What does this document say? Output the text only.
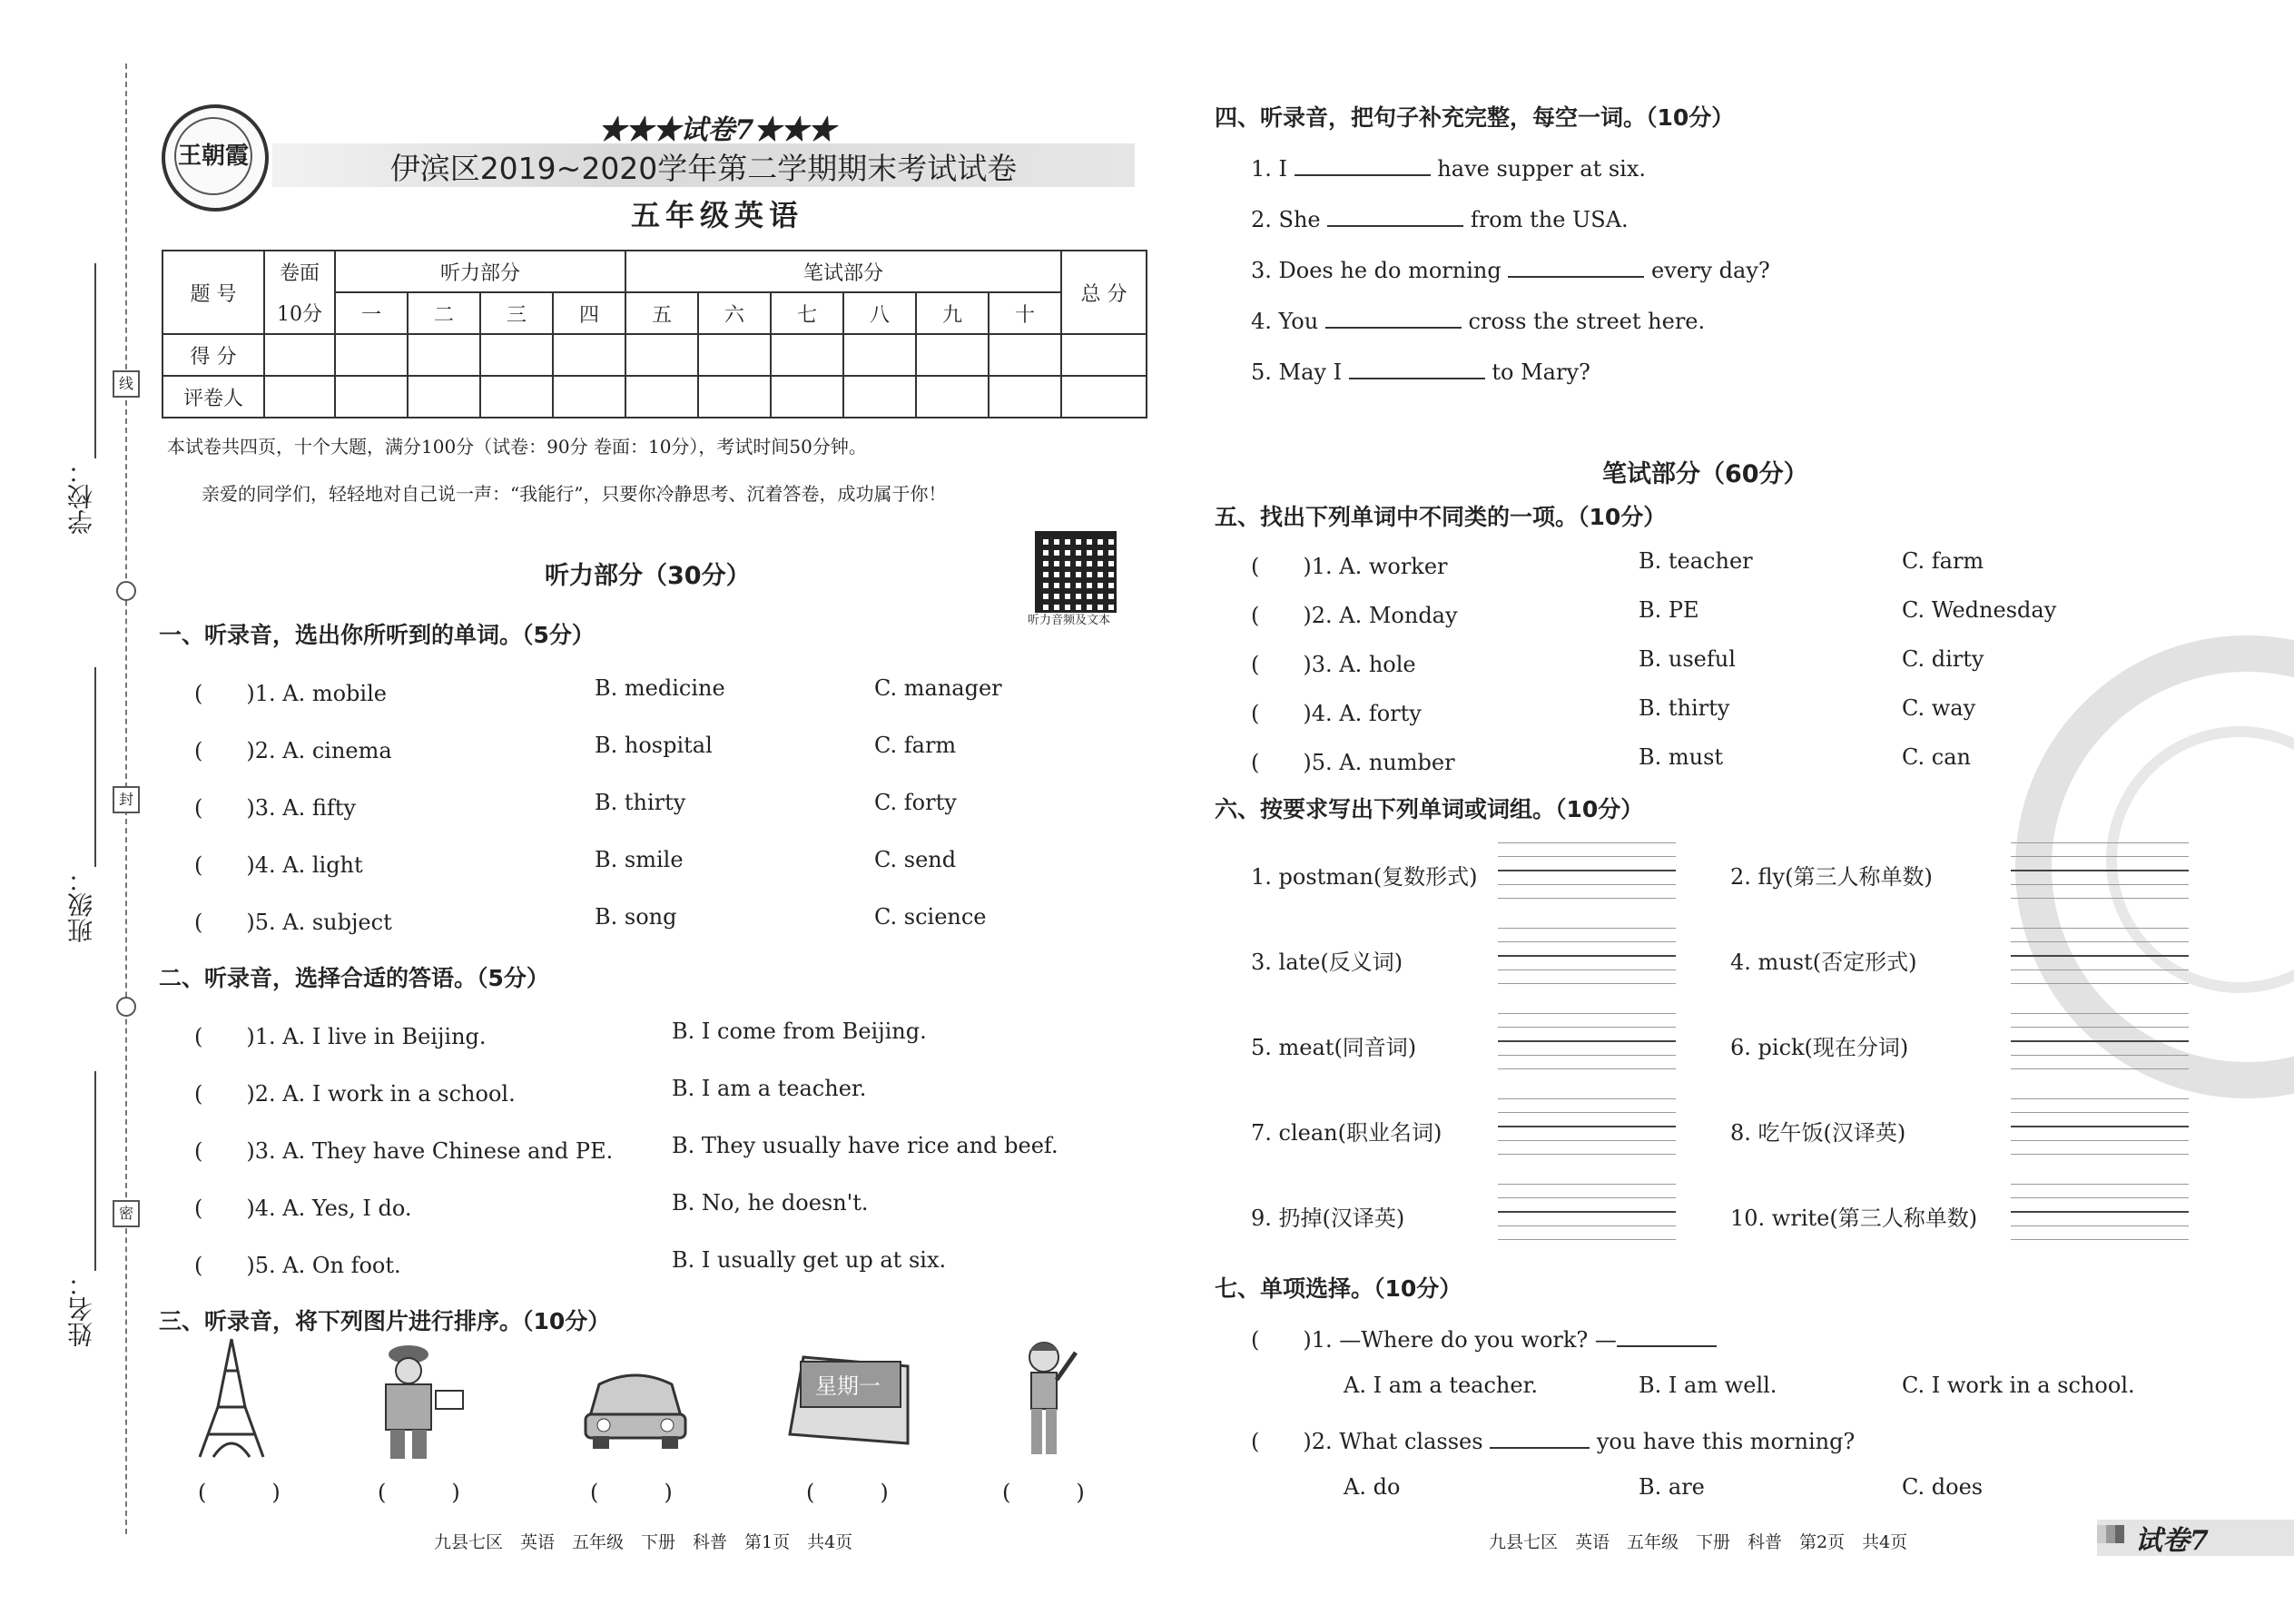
学校：
班级：
姓名：
线
封
密
王朝霞
★★★试卷7★★★
伊滨区2019~2020学年第二学期期末考试试卷
五年级英语
题 号	卷面	听力部分				笔试部分						总 分
	10分	一	二	三	四	五	六	七	八	九	十	
得 分												
评卷人												
本试卷共四页，十个大题，满分100分（试卷：90分 卷面：10分），考试时间50分钟。
亲爱的同学们，轻轻地对自己说一声：“我能行”，只要你冷静思考、沉着答卷，成功属于你！
听力部分（30分）
听力音频及文本
一、听录音，选出你所听到的单词。（5分）
(　　)1. A. mobile	B. medicine	C. manager
(　　)2. A. cinema	B. hospital	C. farm
(　　)3. A. fifty	B. thirty	C. forty
(　　)4. A. light	B. smile	C. send
(　　)5. A. subject	B. song	C. science
二、听录音，选择合适的答语。（5分）
(　　)1. A. I live in Beijing.	B. I come from Beijing.
(　　)2. A. I work in a school.	B. I am a teacher.
(　　)3. A. They have Chinese and PE.	B. They usually have rice and beef.
(　　)4. A. Yes, I do.	B. No, he doesn't.
(　　)5. A. On foot.	B. I usually get up at six.
三、听录音，将下列图片进行排序。（10分）
星期一
(　　　)	(　　　)	(　　　)	(　　　)	(　　　)
四、听录音，把句子补充完整，每空一词。（10分）
1. I	have supper at six.
2. She	from the USA.
3. Does he do morning	every day?
4. You	cross the street here.
5. May I	to Mary?
笔试部分（60分）
五、找出下列单词中不同类的一项。（10分）
(　　)1. A. worker	B. teacher	C. farm
(　　)2. A. Monday	B. PE	C. Wednesday
(　　)3. A. hole	B. useful	C. dirty
(　　)4. A. forty	B. thirty	C. way
(　　)5. A. number	B. must	C. can
六、按要求写出下列单词或词组。（10分）
1. postman(复数形式)	2. fly(第三人称单数)
3. late(反义词)	4. must(否定形式)
5. meat(同音词)	6. pick(现在分词)
7. clean(职业名词)	8. 吃午饭(汉译英)
9. 扔掉(汉译英)	10. write(第三人称单数)
七、单项选择。（10分）
(　　)1. —Where do you work? —
A. I am a teacher.	B. I am well.	C. I work in a school.
(　　)2. What classes	you have this morning?
A. do	B. are	C. does
九县七区　英语　五年级　下册　科普　第1页　共4页	九县七区　英语　五年级　下册　科普　第2页　共4页	试卷7
